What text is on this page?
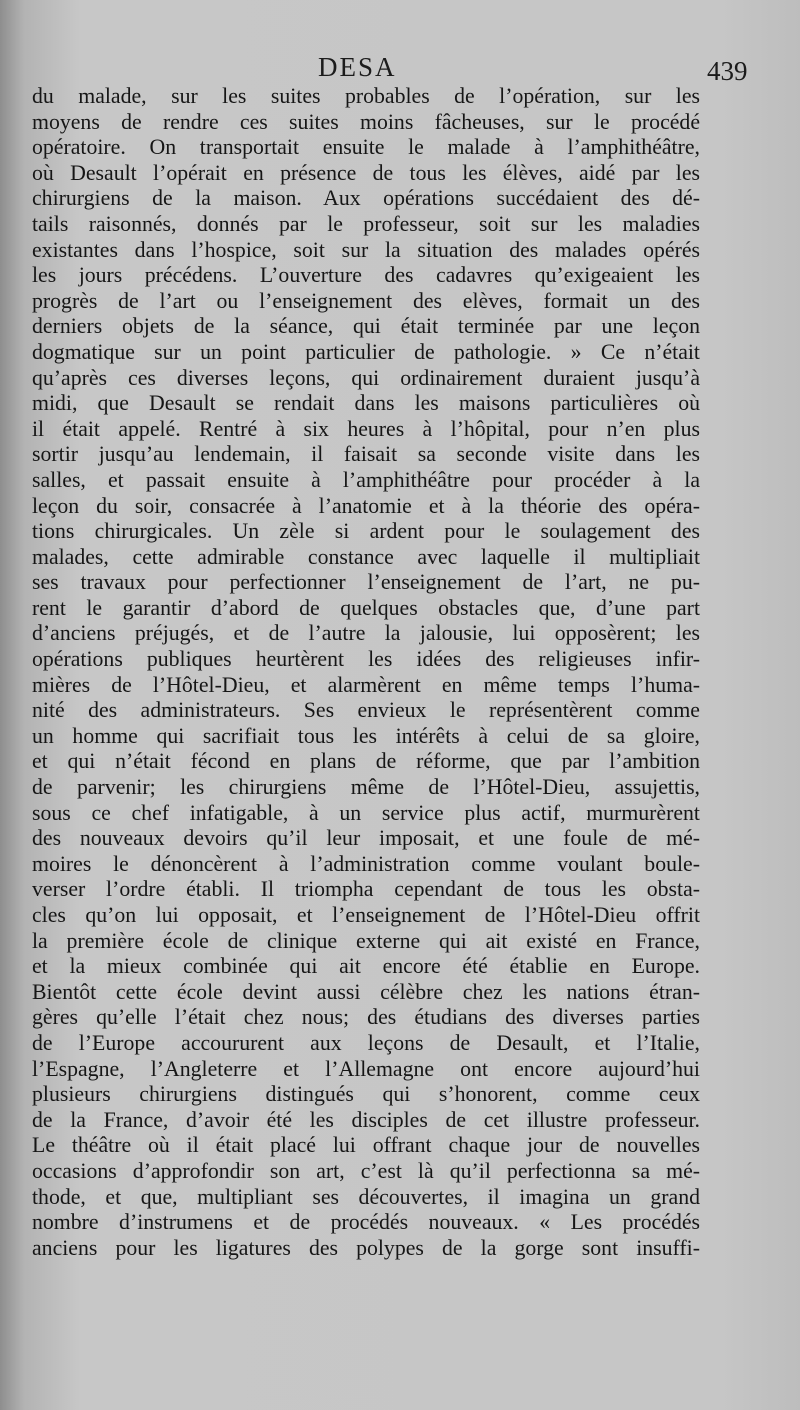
DESA	439
du malade, sur les suites probables de l’opération, sur les
moyens de rendre ces suites moins fâcheuses, sur le procédé
opératoire. On transportait ensuite le malade à l’amphithéâtre,
où Desault l’opérait en présence de tous les élèves, aidé par les
chirurgiens de la maison. Aux opérations succédaient des dé-
tails raisonnés, donnés par le professeur, soit sur les maladies
existantes dans l’hospice, soit sur la situation des malades opérés
les jours précédens. L’ouverture des cadavres qu’exigeaient les
progrès de l’art ou l’enseignement des elèves, formait un des
derniers objets de la séance, qui était terminée par une leçon
dogmatique sur un point particulier de pathologie. » Ce n’était
qu’après ces diverses leçons, qui ordinairement duraient jusqu’à
midi, que Desault se rendait dans les maisons particulières où
il était appelé. Rentré à six heures à l’hôpital, pour n’en plus
sortir jusqu’au lendemain, il faisait sa seconde visite dans les
salles, et passait ensuite à l’amphithéâtre pour procéder à la
leçon du soir, consacrée à l’anatomie et à la théorie des opéra-
tions chirurgicales. Un zèle si ardent pour le soulagement des
malades, cette admirable constance avec laquelle il multipliait
ses travaux pour perfectionner l’enseignement de l’art, ne pu-
rent le garantir d’abord de quelques obstacles que, d’une part
d’anciens préjugés, et de l’autre la jalousie, lui opposèrent; les
opérations publiques heurtèrent les idées des religieuses infir-
mières de l’Hôtel-Dieu, et alarmèrent en même temps l’huma-
nité des administrateurs. Ses envieux le représentèrent comme
un homme qui sacrifiait tous les intérêts à celui de sa gloire,
et qui n’était fécond en plans de réforme, que par l’ambition
de parvenir; les chirurgiens même de l’Hôtel-Dieu, assujettis,
sous ce chef infatigable, à un service plus actif, murmurèrent
des nouveaux devoirs qu’il leur imposait, et une foule de mé-
moires le dénoncèrent à l’administration comme voulant boule-
verser l’ordre établi. Il triompha cependant de tous les obsta-
cles qu’on lui opposait, et l’enseignement de l’Hôtel-Dieu offrit
la première école de clinique externe qui ait existé en France,
et la mieux combinée qui ait encore été établie en Europe.
Bientôt cette école devint aussi célèbre chez les nations étran-
gères qu’elle l’était chez nous; des étudians des diverses parties
de l’Europe accoururent aux leçons de Desault, et l’Italie,
l’Espagne, l’Angleterre et l’Allemagne ont encore aujourd’hui
plusieurs chirurgiens distingués qui s’honorent, comme ceux
de la France, d’avoir été les disciples de cet illustre professeur.
Le théâtre où il était placé lui offrant chaque jour de nouvelles
occasions d’approfondir son art, c’est là qu’il perfectionna sa mé-
thode, et que, multipliant ses découvertes, il imagina un grand
nombre d’instrumens et de procédés nouveaux. « Les procédés
anciens pour les ligatures des polypes de la gorge sont insuffi-
